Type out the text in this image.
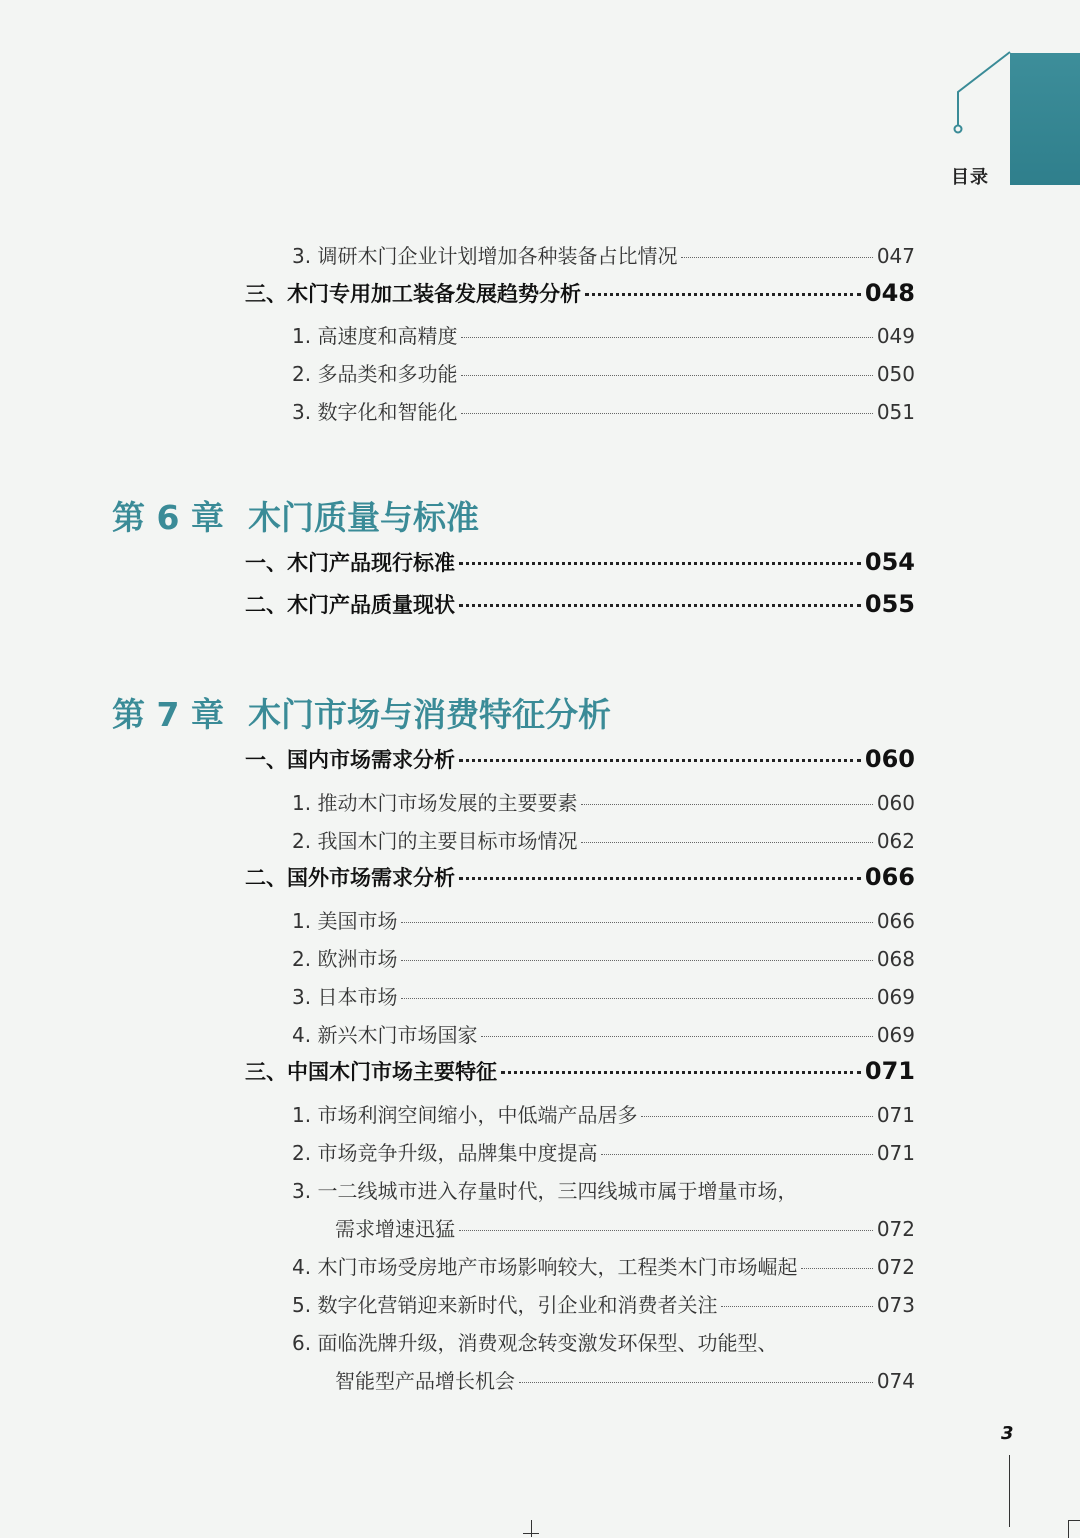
目录
3. 调研木门企业计划增加各种装备占比情况	047
三、木门专用加工装备发展趋势分析	048
1. 高速度和高精度	049
2. 多品类和多功能	050
3. 数字化和智能化	051
第 6 章 木门质量与标准
一、木门产品现行标准	054
二、木门产品质量现状	055
第 7 章 木门市场与消费特征分析
一、国内市场需求分析	060
1. 推动木门市场发展的主要要素	060
2. 我国木门的主要目标市场情况	062
二、国外市场需求分析	066
1. 美国市场	066
2. 欧洲市场	068
3. 日本市场	069
4. 新兴木门市场国家	069
三、中国木门市场主要特征	071
1. 市场利润空间缩小，中低端产品居多	071
2. 市场竞争升级，品牌集中度提高	071
3. 一二线城市进入存量时代，三四线城市属于增量市场，
需求增速迅猛	072
4. 木门市场受房地产市场影响较大，工程类木门市场崛起	072
5. 数字化营销迎来新时代，引企业和消费者关注	073
6. 面临洗牌升级，消费观念转变激发环保型、功能型、
智能型产品增长机会	074
3
